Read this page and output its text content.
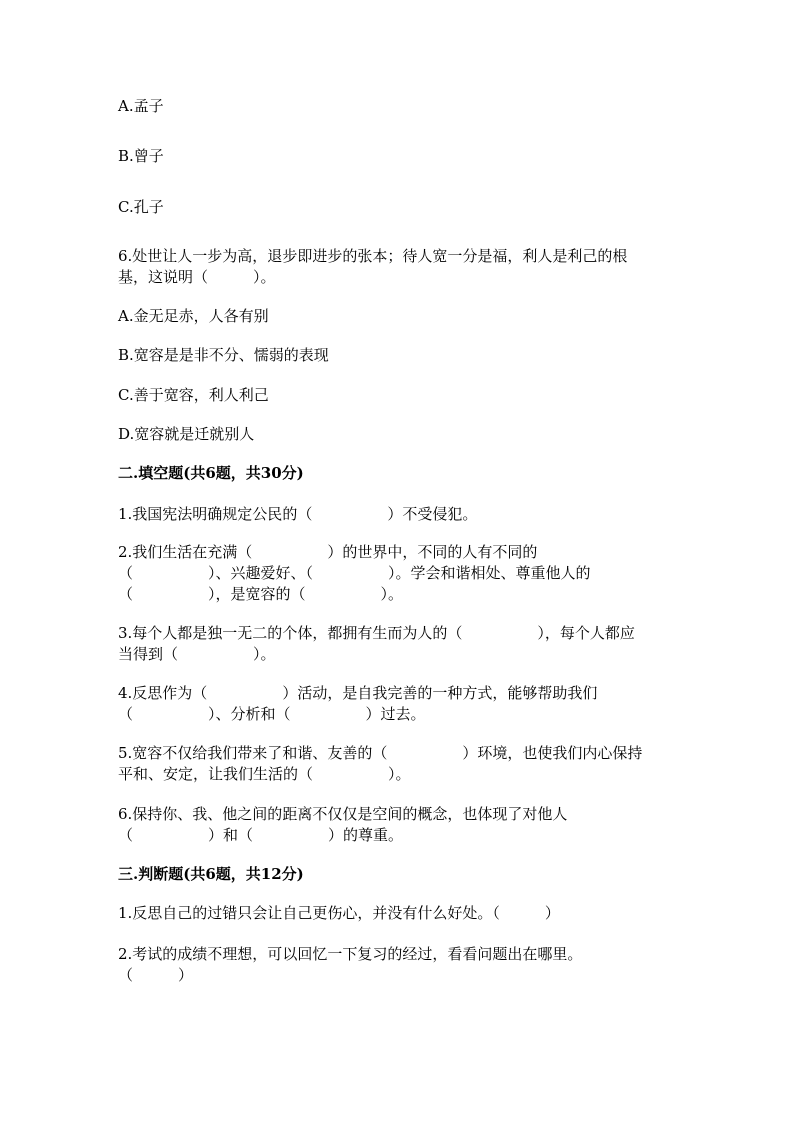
A.孟子
B.曾子
C.孔子
6.处世让人一步为高，退步即进步的张本；待人宽一分是福，利人是利己的根
基，这说明（　　　）。
A.金无足赤，人各有别
B.宽容是是非不分、懦弱的表现
C.善于宽容，利人利己
D.宽容就是迁就别人
二.填空题(共6题，共30分)
1.我国宪法明确规定公民的（　　　　　）不受侵犯。
2.我们生活在充满（　　　　　）的世界中，不同的人有不同的
（　　　　　）、兴趣爱好、（　　　　　）。学会和谐相处、尊重他人的
（　　　　　），是宽容的（　　　　　）。
3.每个人都是独一无二的个体，都拥有生而为人的（　　　　　），每个人都应
当得到（　　　　　）。
4.反思作为（　　　　　）活动，是自我完善的一种方式，能够帮助我们
（　　　　　）、分析和（　　　　　）过去。
5.宽容不仅给我们带来了和谐、友善的（　　　　　）环境，也使我们内心保持
平和、安定，让我们生活的（　　　　　）。
6.保持你、我、他之间的距离不仅仅是空间的概念，也体现了对他人
（　　　　　）和（　　　　　）的尊重。
三.判断题(共6题，共12分)
1.反思自己的过错只会让自己更伤心，并没有什么好处。（　　　）
2.考试的成绩不理想，可以回忆一下复习的经过，看看问题出在哪里。
（　　　）
